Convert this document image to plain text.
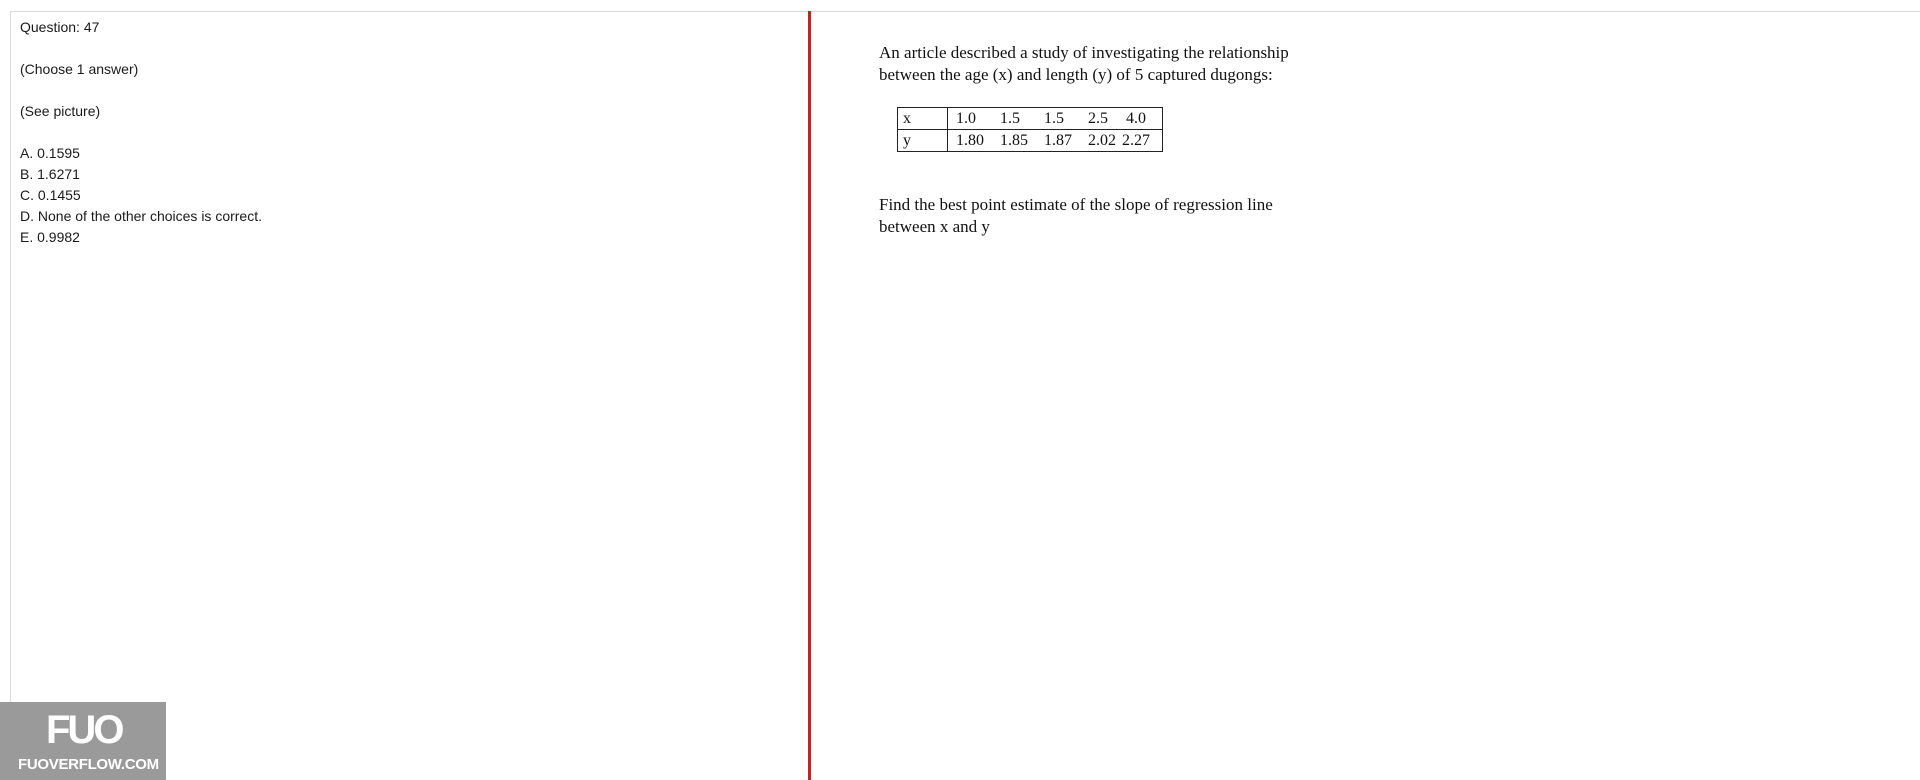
Question: 47
(Choose 1 answer)
(See picture)
A. 0.1595
B. 1.6271
C. 0.1455
D. None of the other choices is correct.
E. 0.9982

An article described a study of investigating the relationship

between the age (x) and length (y) of 5 captured dugongs:

x	1.0	1.5	1.5	2.5	4.0
y	1.80	1.85	1.87	2.02	2.27

Find the best point estimate of the slope of regression line

between x and y

FUO
FUOVERFLOW.COM
